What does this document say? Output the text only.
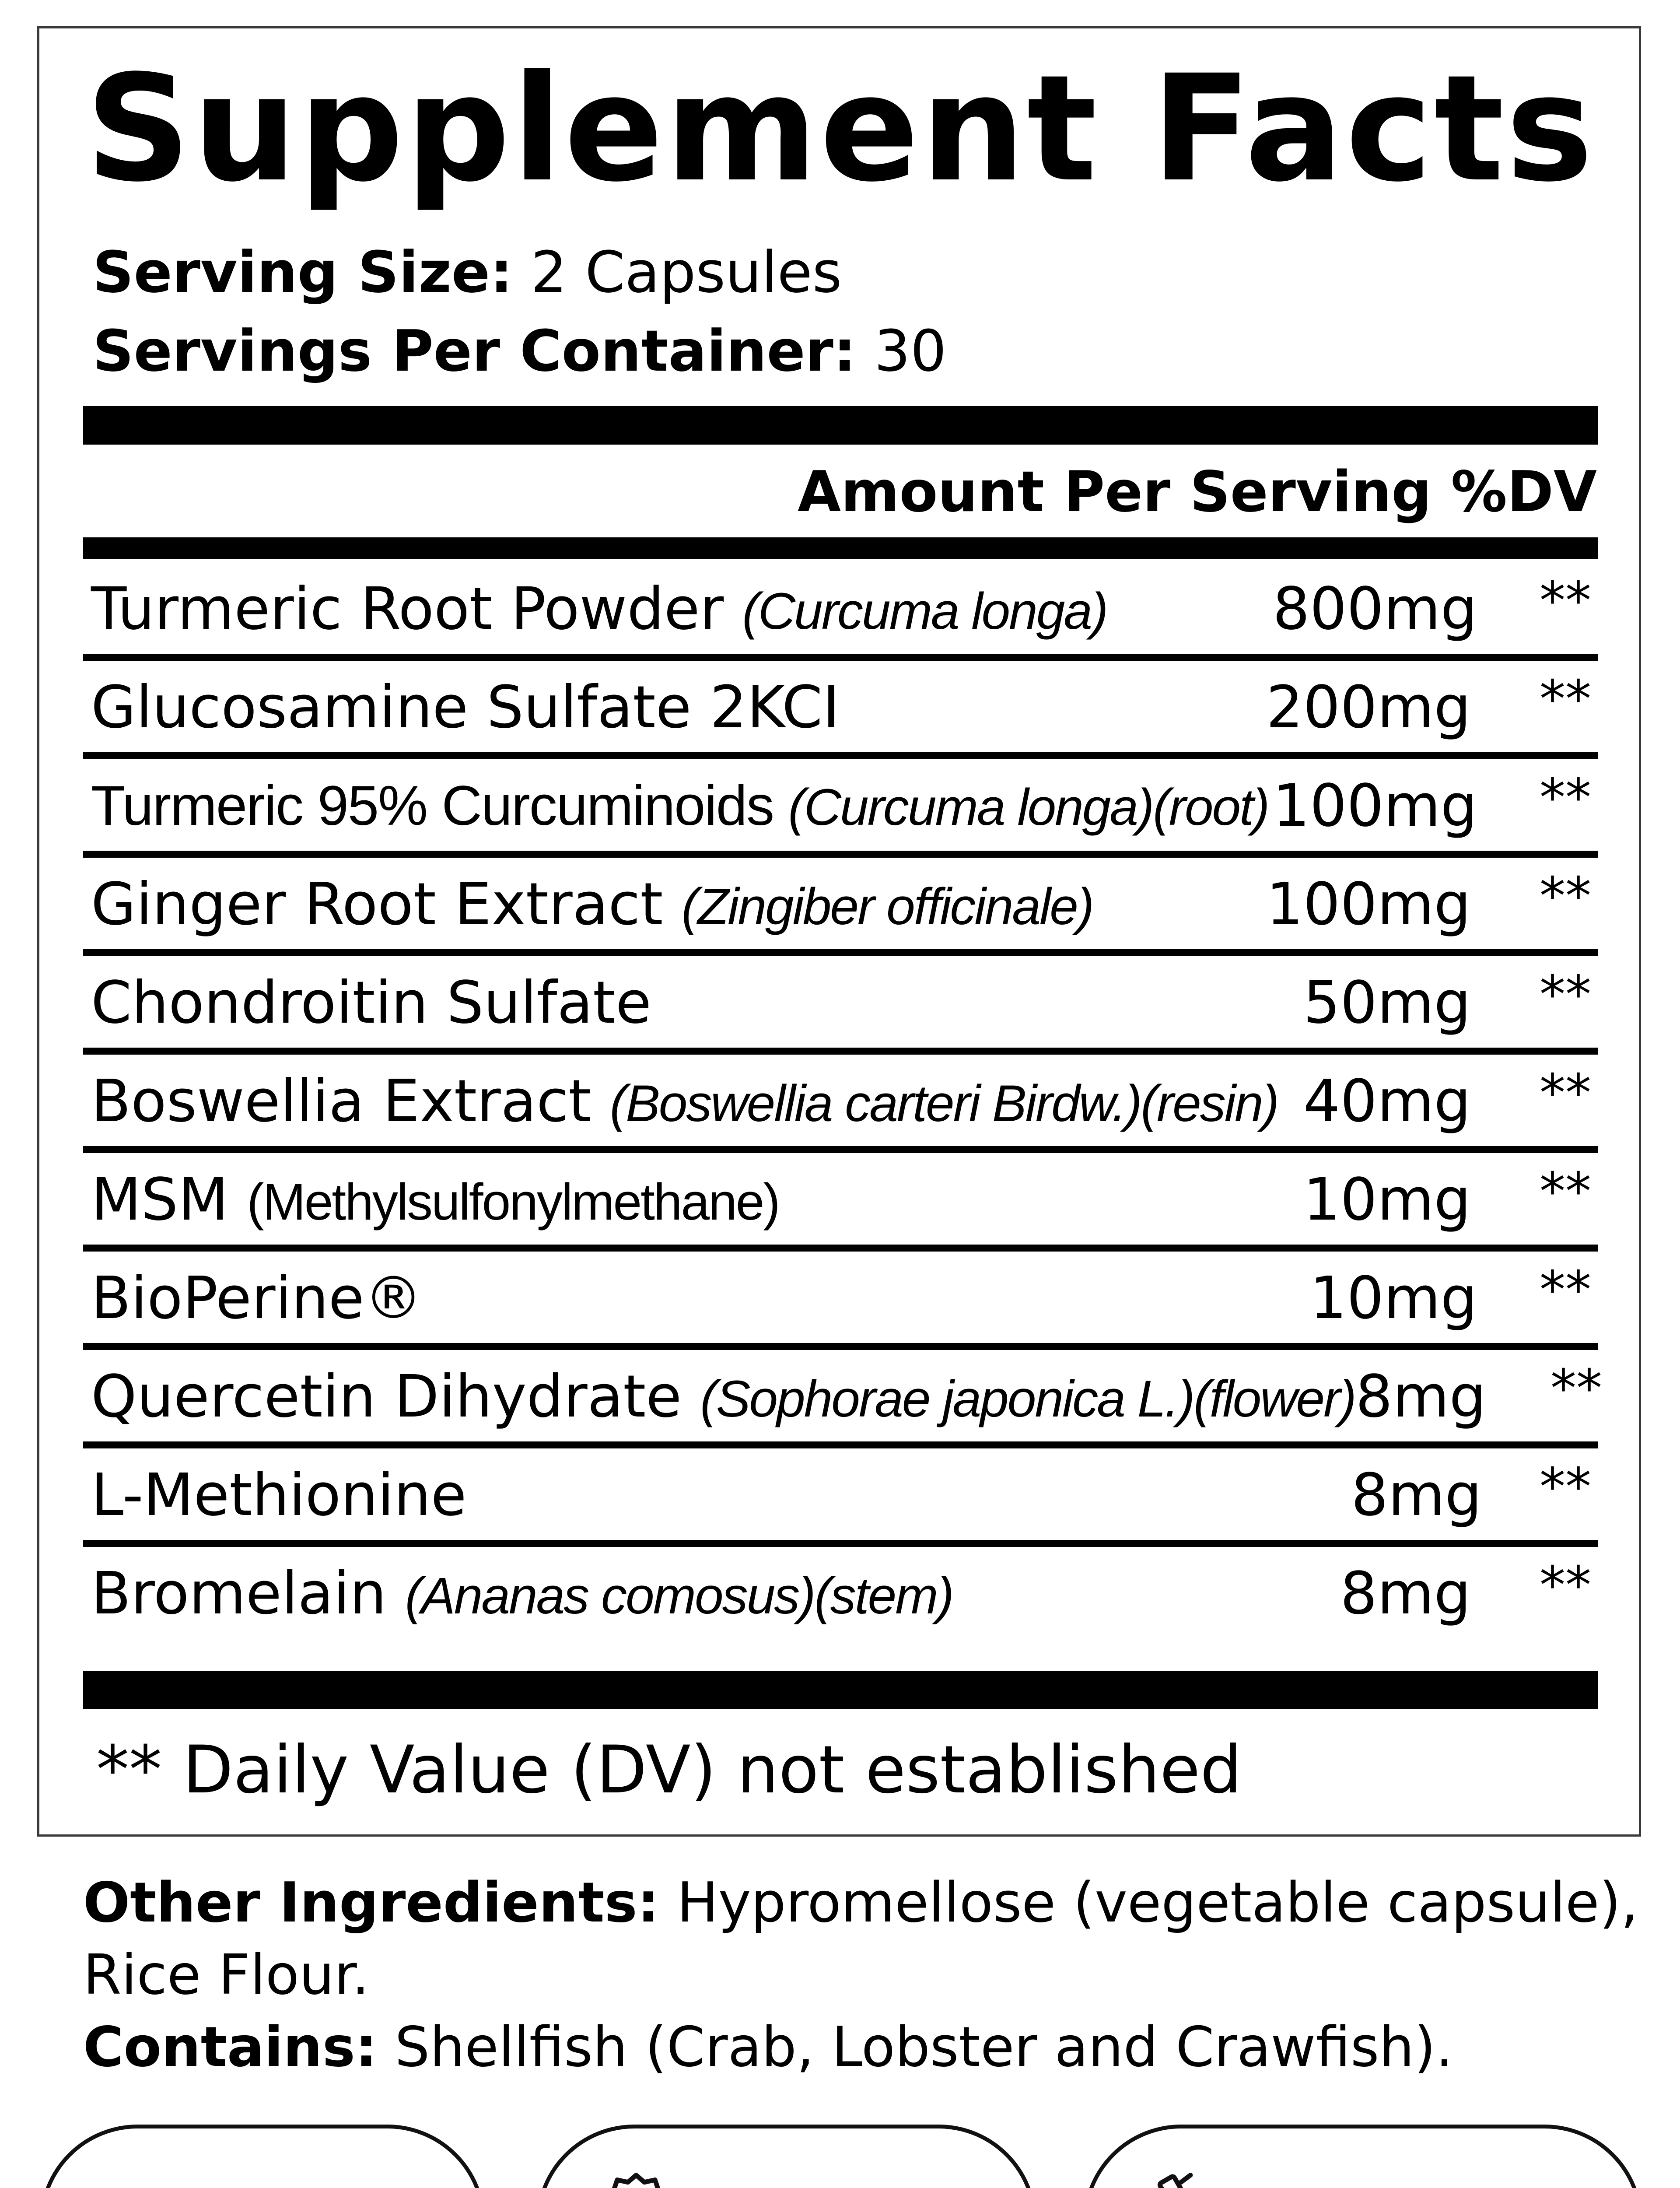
Supplement Facts
Serving Size: 2 Capsules
Servings Per Container: 30
Amount Per Serving %DV
Turmeric Root Powder (Curcuma longa)	800mg **
Glucosamine Sulfate 2KCI	200mg **
Turmeric 95% Curcuminoids (Curcuma longa)(root) 100mg **
Ginger Root Extract (Zingiber officinale)	100mg **
Chondroitin Sulfate	50mg **
Boswellia Extract (Boswellia carteri Birdw.)(resin) 40mg **
MSM (Methylsulfonylmethane)	10mg **
BioPerine®	10mg **
Quercetin Dihydrate (Sophorae japonica L.)(flower) 8mg **
L-Methionine	8mg **
Bromelain (Ananas comosus)(stem)	8mg **
** Daily Value (DV) not established

Other Ingredients: Hypromellose (vegetable capsule), Rice Flour.

Contains: Shellfish (Crab, Lobster and Crawfish).
